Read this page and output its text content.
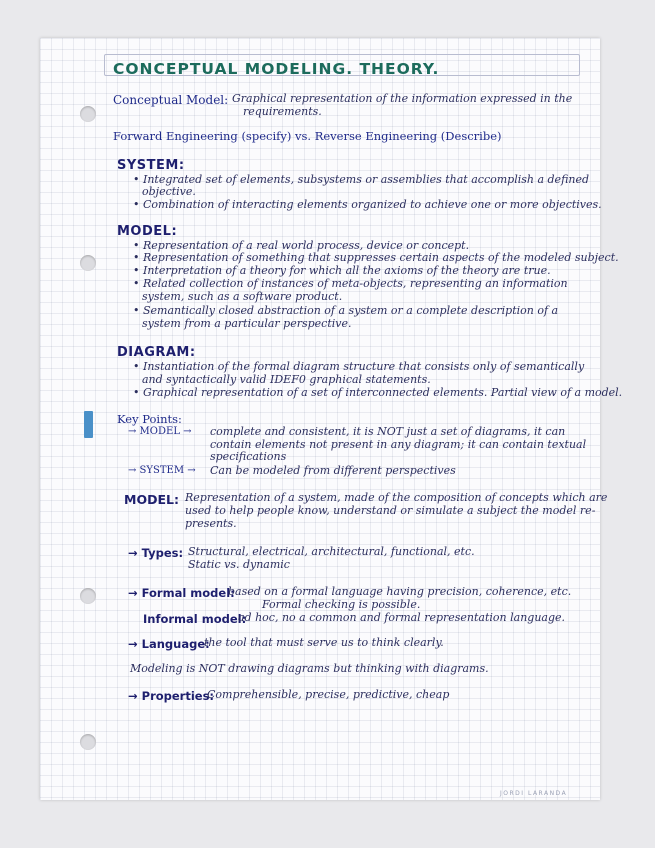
CONCEPTUAL MODELING. THEORY.
Conceptual Model: Graphical representation of the information expressed in the
requirements.
Forward Engineering (specify) vs. Reverse Engineering (Describe)
SYSTEM:
• Integrated set of elements, subsystems or assemblies that accomplish a defined
objective.
• Combination of interacting elements organized to achieve one or more objectives.
MODEL:
• Representation of a real world process, device or concept.
• Representation of something that suppresses certain aspects of the modeled subject.
• Interpretation of a theory for which all the axioms of the theory are true.
• Related collection of instances of meta-objects, representing an information
system, such as a software product.
• Semantically closed abstraction of a system or a complete description of a
system from a particular perspective.
DIAGRAM:
• Instantiation of the formal diagram structure that consists only of semantically
and syntactically valid IDEF0 graphical statements.
• Graphical representation of a set of interconnected elements. Partial view of a model.
Key Points:
→ MODEL → complete and consistent, it is NOT just a set of diagrams, it can
contain elements not present in any diagram; it can contain textual
specifications
→ SYSTEM → Can be modeled from different perspectives
MODEL: Representation of a system, made of the composition of concepts which are
used to help people know, understand or simulate a subject the model re-
presents.
→ Types: Structural, electrical, architectural, functional, etc.
Static vs. dynamic
→ Formal model:
based on a formal language having precision, coherence, etc.
Formal checking is possible.
Informal model:
ad hoc, no a common and formal representation language.
→ Language:
the tool that must serve us to think clearly.
Modeling is NOT drawing diagrams but thinking with diagrams.
→ Properties:
Comprehensible, precise, predictive, cheap
JORDI LARANDA
